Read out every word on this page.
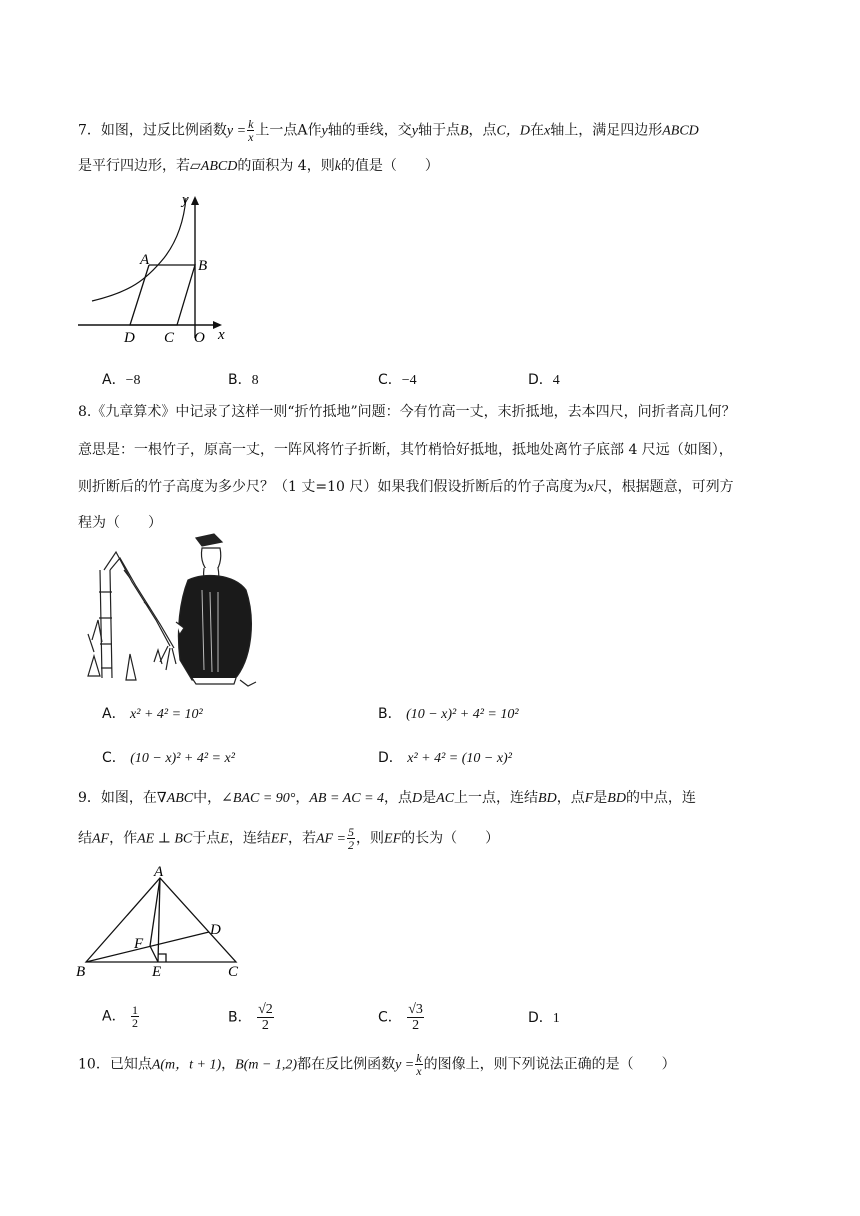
7．如图，过反比例函数$y = \frac{k}{x}$ 上一点A作y轴的垂线，交y轴于点B，点C，D在x轴上，满足四边形ABCD
是平行四边形，若▱ABCD的面积为 4，则k的值是（　　）
y
x
A	B
D C O
A．−8	B．8	C．−4	D．4
8.《九章算术》中记录了这样一则“折竹抵地”问题：今有竹高一丈，末折抵地，去本四尺，问折者高几何？
意思是：一根竹子，原高一丈，一阵风将竹子折断，其竹梢恰好抵地，抵地处离竹子底部 4 尺远（如图），
则折断后的竹子高度为多少尺？（1 丈=10 尺）如果我们假设折断后的竹子高度为x尺，根据题意，可列方
程为（　　）
A． x² + 4² = 10²	B． (10 − x)² + 4² = 10²
C． (10 − x)² + 4² = x²	D． x² + 4² = (10 − x)²
9．如图，在∇ABC中，∠BAC = 90°，AB = AC = 4，点D是AC上一点，连结BD，点F是BD的中点，连
结AF，作AE ⊥ BC于点E，连结EF，若AF = $\frac{5}{2}$ ，则EF的长为（　　）
A
B	C
D
E
F
A． $\frac{1}{2}$	B． $\frac{√2}{2}$	C． $\frac{√3}{2}$	D．1
10．已知点A(m，t + 1)，B(m − 1,2)都在反比例函数$y = \frac{k}{x}$ 的图像上，则下列说法正确的是（　　）
